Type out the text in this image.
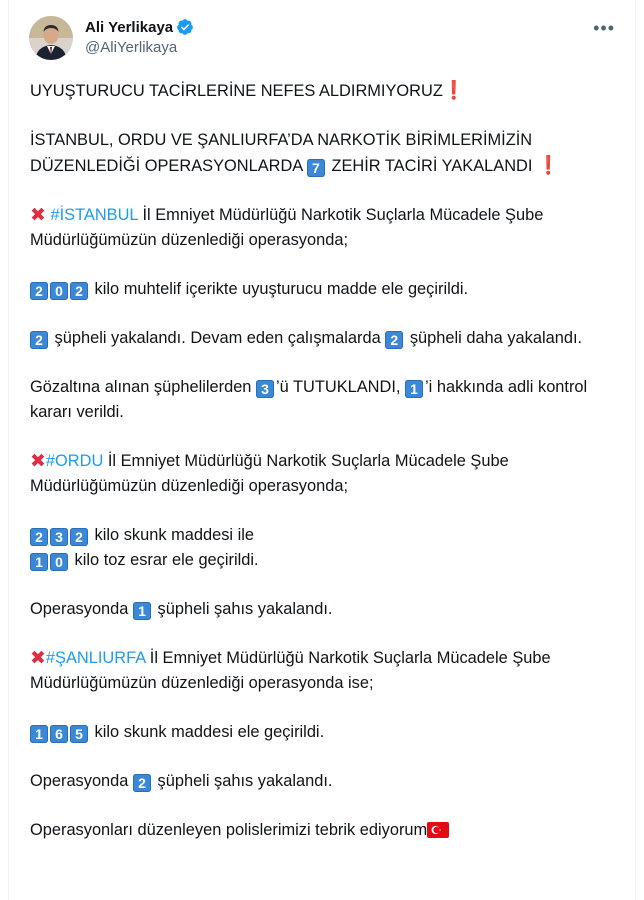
Ali Yerlikaya
@AliYerlikaya
•••

UYUŞTURUCU TACİRLERİNE NEFES ALDIRMIYORUZ❗

İSTANBUL, ORDU VE ŞANLIURFA’DA NARKOTİK BİRİMLERİMİZİN DÜZENLEDİĞİ OPERASYONLARDA 7 ZEHİR TACİRİ YAKALANDI ❗

✖ #İSTANBUL İl Emniyet Müdürlüğü Narkotik Suçlarla Mücadele Şube Müdürlüğümüzün düzenlediği operasyonda;

2 0 2 kilo muhtelif içerikte uyuşturucu madde ele geçirildi.

2 şüpheli yakalandı. Devam eden çalışmalarda 2 şüpheli daha yakalandı.

Gözaltına alınan şüphelilerden 3 ’ü TUTUKLANDI, 1 ’i hakkında adli kontrol kararı verildi.

✖#ORDU İl Emniyet Müdürlüğü Narkotik Suçlarla Mücadele Şube Müdürlüğümüzün düzenlediği operasyonda;

2 3 2 kilo skunk maddesi ile
1 0 kilo toz esrar ele geçirildi.

Operasyonda 1 şüpheli şahıs yakalandı.

✖#ŞANLIURFA İl Emniyet Müdürlüğü Narkotik Suçlarla Mücadele Şube Müdürlüğümüzün düzenlediği operasyonda ise;

1 6 5 kilo skunk maddesi ele geçirildi.

Operasyonda 2 şüpheli şahıs yakalandı.

Operasyonları düzenleyen polislerimizi tebrik ediyorum
